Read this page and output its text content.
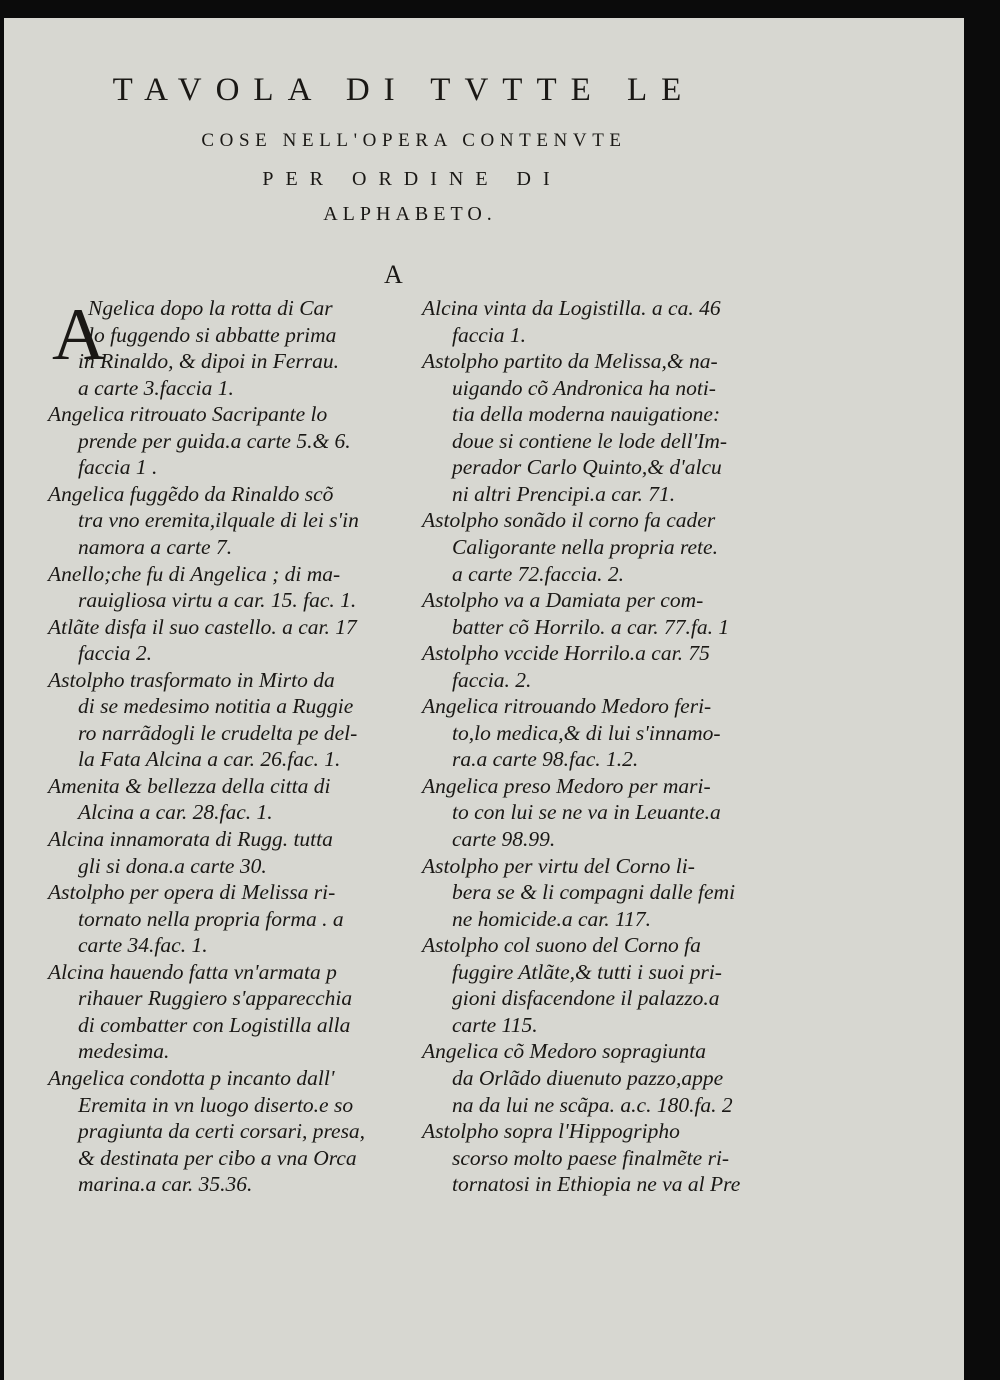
TAVOLA DI TVTTE LE
COSE NELL'OPERA CONTENVTE
PER ORDINE DI
ALPHABETO.
A
A
Ngelica dopo la rotta di Car
lo fuggendo si abbatte prima
in Rinaldo, & dipoi in Ferrau.
a carte 3.faccia 1.
Angelica ritrouato Sacripante lo
prende per guida.a carte 5.& 6.
faccia 1 .
Angelica fuggẽdo da Rinaldo scõ
tra vno eremita,ilquale di lei s'in
namora a carte 7.
Anello;che fu di Angelica ; di ma-
rauigliosa virtu a car. 15. fac. 1.
Atlãte disfa il suo castello. a car. 17
faccia 2.
Astolpho trasformato in Mirto da
di se medesimo notitia a Ruggie
ro narrãdogli le crudelta pe del-
la Fata Alcina a car. 26.fac. 1.
Amenita & bellezza della citta di
Alcina a car. 28.fac. 1.
Alcina innamorata di Rugg. tutta
gli si dona.a carte 30.
Astolpho per opera di Melissa ri-
tornato nella propria forma . a
carte 34.fac. 1.
Alcina hauendo fatta vn'armata p
rihauer Ruggiero s'apparecchia
di combatter con Logistilla alla
medesima.
Angelica condotta p incanto dall'
Eremita in vn luogo diserto.e so
pragiunta da certi corsari, presa,
& destinata per cibo a vna Orca
marina.a car. 35.36.
Alcina vinta da Logistilla. a ca. 46
faccia 1.
Astolpho partito da Melissa,& na-
uigando cõ Andronica ha noti-
tia della moderna nauigatione:
doue si contiene le lode dell'Im-
perador Carlo Quinto,& d'alcu
ni altri Prencipi.a car. 71.
Astolpho sonãdo il corno fa cader
Caligorante nella propria rete.
a carte 72.faccia. 2.
Astolpho va a Damiata per com-
batter cõ Horrilo. a car. 77.fa. 1
Astolpho vccide Horrilo.a car. 75
faccia. 2.
Angelica ritrouando Medoro feri-
to,lo medica,& di lui s'innamo-
ra.a carte 98.fac. 1.2.
Angelica preso Medoro per mari-
to con lui se ne va in Leuante.a
carte 98.99.
Astolpho per virtu del Corno li-
bera se & li compagni dalle femi
ne homicide.a car. 117.
Astolpho col suono del Corno fa
fuggire Atlãte,& tutti i suoi pri-
gioni disfacendone il palazzo.a
carte 115.
Angelica cõ Medoro sopragiunta
da Orlãdo diuenuto pazzo,appe
na da lui ne scãpa. a.c. 180.fa. 2
Astolpho sopra l'Hippogripho
scorso molto paese finalmẽte ri-
tornatosi in Ethiopia ne va al Pre
